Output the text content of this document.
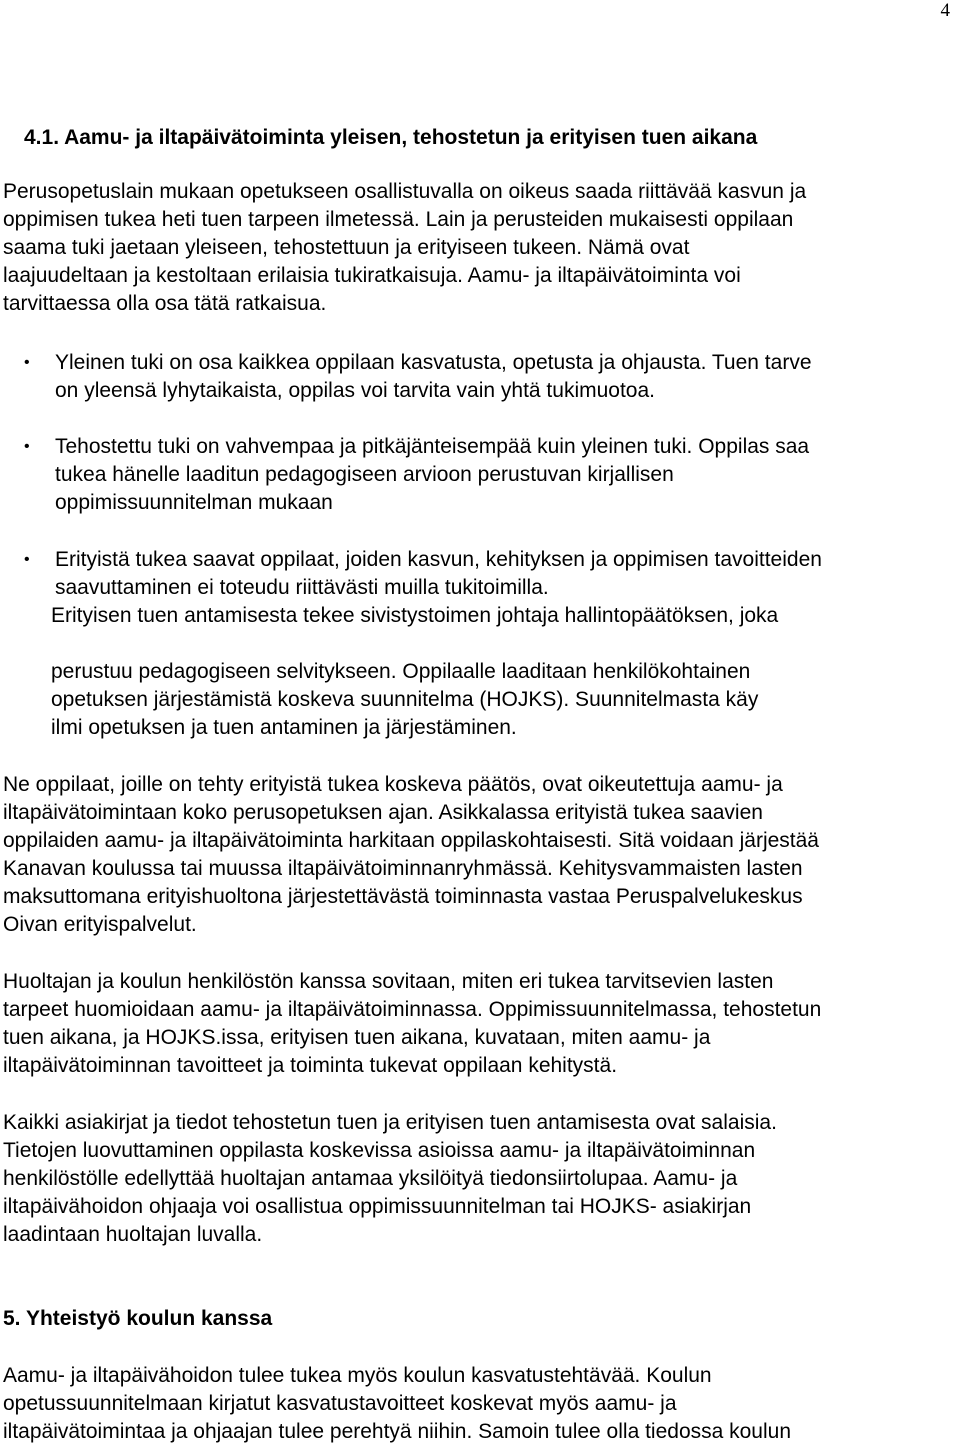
4
4.1. Aamu- ja iltapäivätoiminta yleisen, tehostetun ja erityisen tuen aikana
Perusopetuslain mukaan opetukseen osallistuvalla on oikeus saada riittävää kasvun ja
oppimisen tukea heti tuen tarpeen ilmetessä. Lain ja perusteiden mukaisesti oppilaan
saama tuki jaetaan yleiseen, tehostettuun ja erityiseen tukeen. Nämä ovat
laajuudeltaan ja kestoltaan erilaisia tukiratkaisuja. Aamu- ja iltapäivätoiminta voi
tarvittaessa olla osa tätä ratkaisua.
• Yleinen tuki on osa kaikkea oppilaan kasvatusta, opetusta ja ohjausta. Tuen tarve
on yleensä lyhytaikaista, oppilas voi tarvita vain yhtä tukimuotoa.
• Tehostettu tuki on vahvempaa ja pitkäjänteisempää kuin yleinen tuki. Oppilas saa
tukea hänelle laaditun pedagogiseen arvioon perustuvan kirjallisen
oppimissuunnitelman mukaan
• Erityistä tukea saavat oppilaat, joiden kasvun, kehityksen ja oppimisen tavoitteiden
saavuttaminen ei toteudu riittävästi muilla tukitoimilla.
Erityisen tuen antamisesta tekee sivistystoimen johtaja hallintopäätöksen, joka
perustuu pedagogiseen selvitykseen. Oppilaalle laaditaan henkilökohtainen
opetuksen järjestämistä koskeva suunnitelma (HOJKS). Suunnitelmasta käy
ilmi opetuksen ja tuen antaminen ja järjestäminen.
Ne oppilaat, joille on tehty erityistä tukea koskeva päätös, ovat oikeutettuja aamu- ja
iltapäivätoimintaan koko perusopetuksen ajan. Asikkalassa erityistä tukea saavien
oppilaiden aamu- ja iltapäivätoiminta harkitaan oppilaskohtaisesti. Sitä voidaan järjestää
Kanavan koulussa tai muussa iltapäivätoiminnanryhmässä. Kehitysvammaisten lasten
maksuttomana erityishuoltona järjestettävästä toiminnasta vastaa Peruspalvelukeskus
Oivan erityispalvelut.
Huoltajan ja koulun henkilöstön kanssa sovitaan, miten eri tukea tarvitsevien lasten
tarpeet huomioidaan aamu- ja iltapäivätoiminnassa. Oppimissuunnitelmassa, tehostetun
tuen aikana, ja HOJKS.issa, erityisen tuen aikana, kuvataan, miten aamu- ja
iltapäivätoiminnan tavoitteet ja toiminta tukevat oppilaan kehitystä.
Kaikki asiakirjat ja tiedot tehostetun tuen ja erityisen tuen antamisesta ovat salaisia.
Tietojen luovuttaminen oppilasta koskevissa asioissa aamu- ja iltapäivätoiminnan
henkilöstölle edellyttää huoltajan antamaa yksilöityä tiedonsiirtolupaa. Aamu- ja
iltapäivähoidon ohjaaja voi osallistua oppimissuunnitelman tai HOJKS- asiakirjan
laadintaan huoltajan luvalla.
5. Yhteistyö koulun kanssa
Aamu- ja iltapäivähoidon tulee tukea myös koulun kasvatustehtävää. Koulun
opetussuunnitelmaan kirjatut kasvatustavoitteet koskevat myös aamu- ja
iltapäivätoimintaa ja ohjaajan tulee perehtyä niihin. Samoin tulee olla tiedossa koulun
